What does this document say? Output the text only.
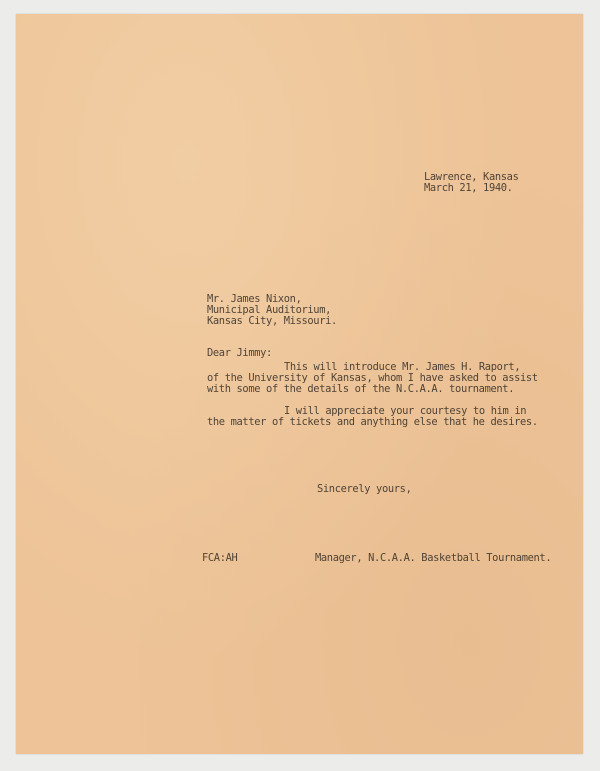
Lawrence, Kansas
March 21, 1940.
Mr. James Nixon,
Municipal Auditorium,
Kansas City, Missouri.
Dear Jimmy:
This will introduce Mr. James H. Raport,
of the University of Kansas, whom I have asked to assist
with some of the details of the N.C.A.A. tournament.
I will appreciate your courtesy to him in
the matter of tickets and anything else that he desires.
Sincerely yours,
FCA:AH	Manager, N.C.A.A. Basketball Tournament.
